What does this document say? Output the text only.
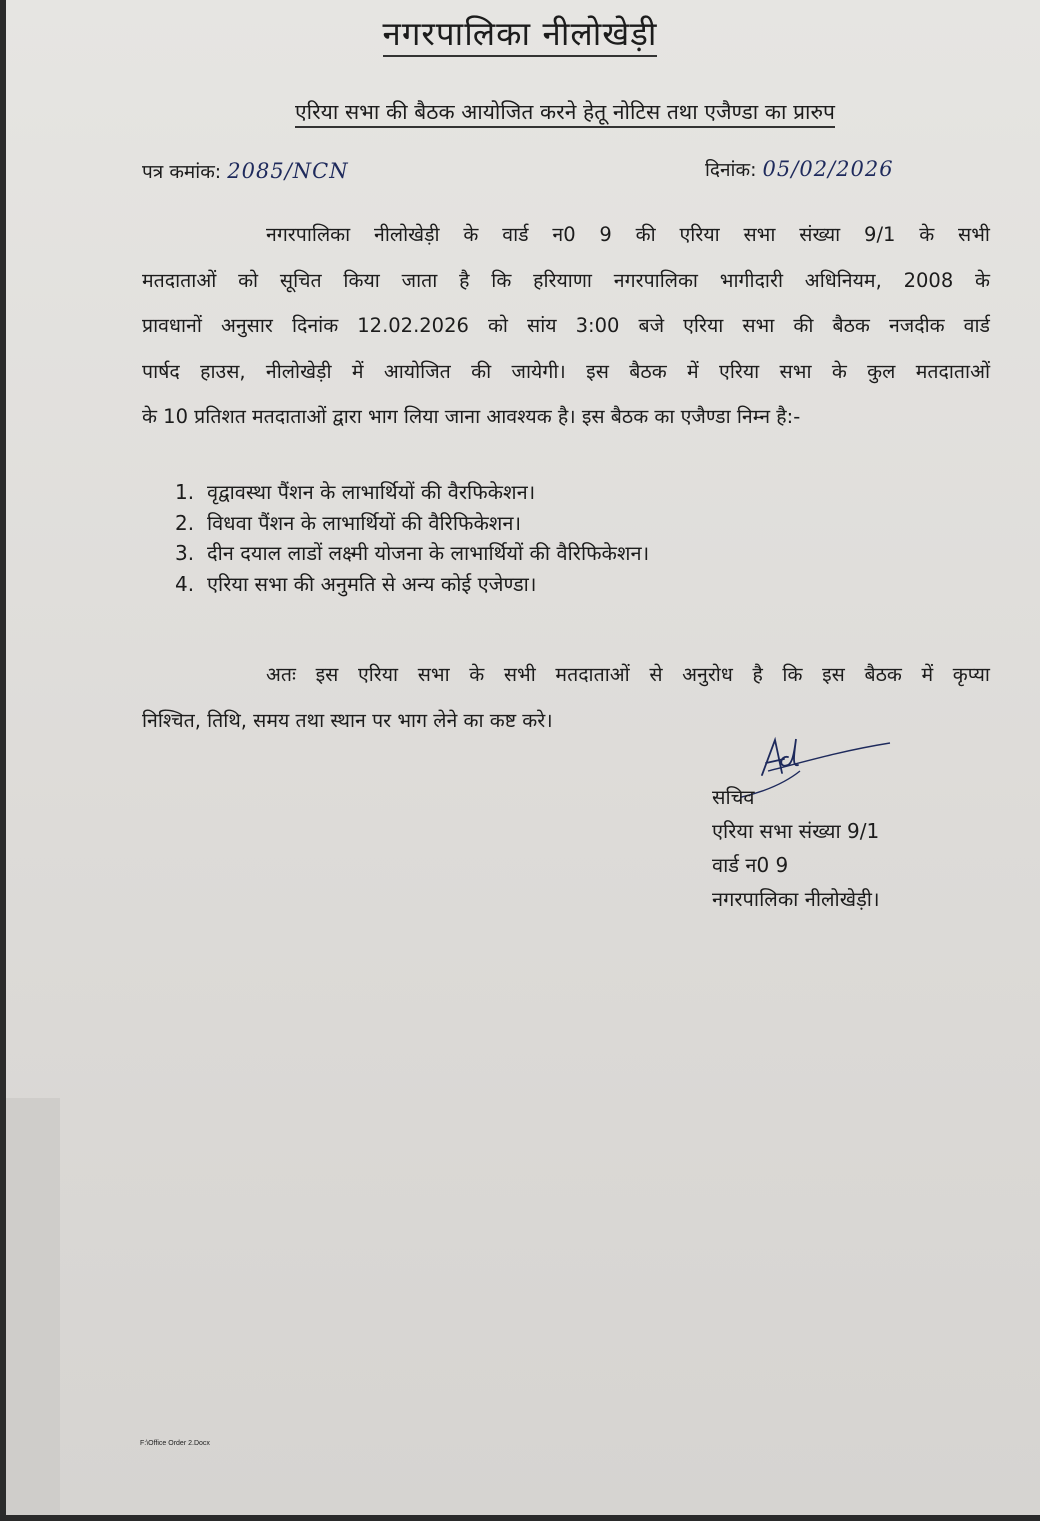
नगरपालिका नीलोखेड़ी
एरिया सभा की बैठक आयोजित करने हेतू नोटिस तथा एजैण्डा का प्रारुप
पत्र कमांक: 2085/NCN	दिनांक: 05/02/2026
नगरपालिका नीलोखेड़ी के वार्ड न0 9 की एरिया सभा संख्या 9/1 के सभी
मतदाताओं को सूचित किया जाता है कि हरियाणा नगरपालिका भागीदारी अधिनियम, 2008 के
प्रावधानों अनुसार दिनांक 12.02.2026 को सांय 3:00 बजे एरिया सभा की बैठक नजदीक वार्ड
पार्षद हाउस, नीलोखेड़ी में आयोजित की जायेगी। इस बैठक में एरिया सभा के कुल मतदाताओं
के 10 प्रतिशत मतदाताओं द्वारा भाग लिया जाना आवश्यक है। इस बैठक का एजैण्डा निम्न है:-
1. वृद्वावस्था पैंशन के लाभार्थियों की वैरफिकेशन।
2. विधवा पैंशन के लाभार्थियों की वैरिफिकेशन।
3. दीन दयाल लाडों लक्ष्मी योजना के लाभार्थियों की वैरिफिकेशन।
4. एरिया सभा की अनुमति से अन्य कोई एजेण्डा।
अतः इस एरिया सभा के सभी मतदाताओं से अनुरोध है कि इस बैठक में कृप्या
निश्चित, तिथि, समय तथा स्थान पर भाग लेने का कष्ट करे।
सचिव
एरिया सभा संख्या 9/1
वार्ड न0 9
नगरपालिका नीलोखेड़ी।
F:\Office Order 2.Docx
